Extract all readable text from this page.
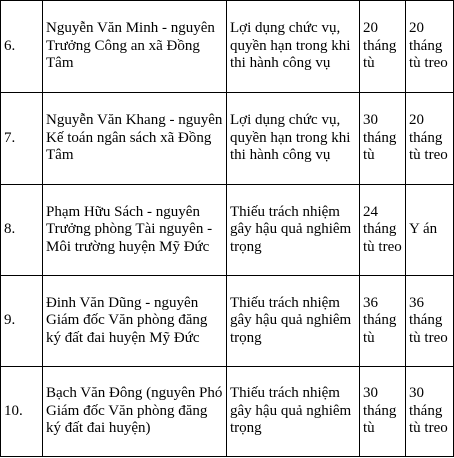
6.	Nguyễn Văn Minh - nguyên Trưởng Công an xã Đồng Tâm	Lợi dụng chức vụ, quyền hạn trong khi thi hành công vụ	20 tháng tù	20 tháng tù treo

7.	Nguyễn Văn Khang - nguyên Kế toán ngân sách xã Đồng Tâm	Lợi dụng chức vụ, quyền hạn trong khi thi hành công vụ	30 tháng tù	20 tháng tù treo

8.	Phạm Hữu Sách - nguyên Trưởng phòng Tài nguyên - Môi trường huyện Mỹ Đức	Thiếu trách nhiệm gây hậu quả nghiêm trọng	24 tháng tù treo	Y án

9.	Đinh Văn Dũng - nguyên Giám đốc Văn phòng đăng ký đất đai huyện Mỹ Đức	Thiếu trách nhiệm gây hậu quả nghiêm trọng	36 tháng tù	36 tháng tù treo

10.	Bạch Văn Đông (nguyên Phó Giám đốc Văn phòng đăng ký đất đai huyện)	Thiếu trách nhiệm gây hậu quả nghiêm trọng	30 tháng tù	30 tháng tù treo
